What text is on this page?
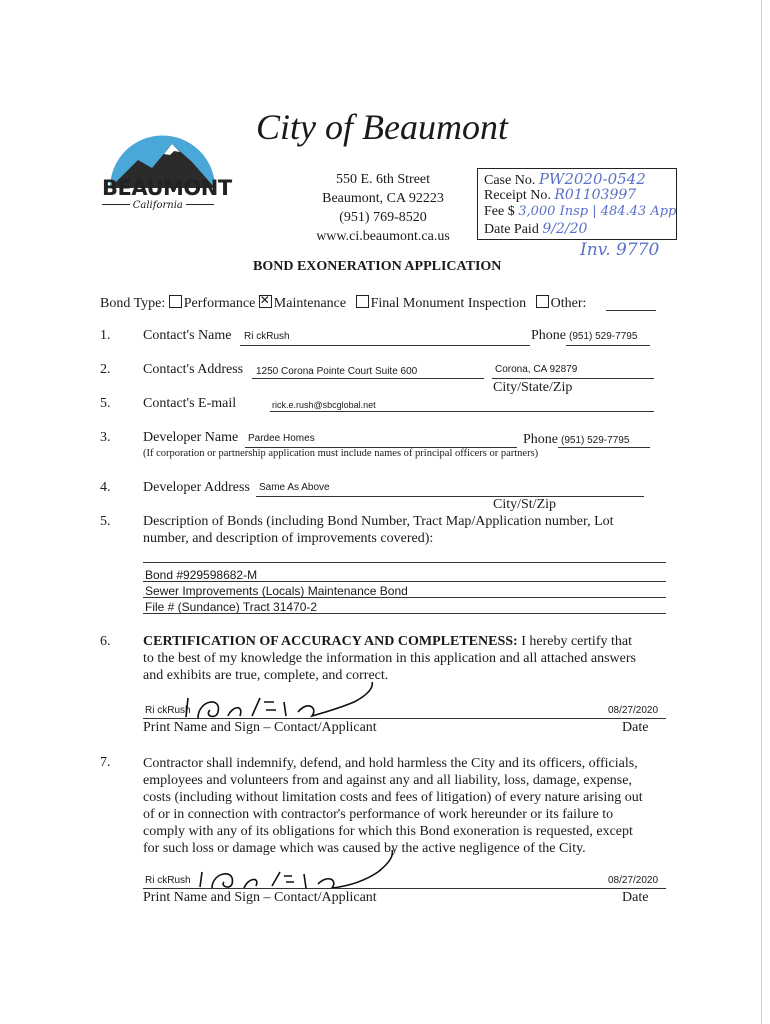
BEAUMONT
California
City of Beaumont
550 E. 6th Street
Beaumont, CA 92223
(951) 769-8520
www.ci.beaumont.ca.us
Case No. PW2020-0542
Receipt No. R01103997
Fee $ 3,000 Insp | 484.43 App
Date Paid 9/2/20
Inv. 9770
BOND EXONERATION APPLICATION
Bond Type: Performance ✕ Maintenance Final Monument Inspection Other:
1. Contact's Name Ri ckRush	Phone (951) 529-7795
2. Contact's Address 1250 Corona Pointe Court Suite 600	Corona, CA 92879
City/State/Zip
5. Contact's E-mail	rick.e.rush@sbcglobal.net
3. Developer Name Pardee Homes	Phone (951) 529-7795
(If corporation or partnership application must include names of principal officers or partners)
4. Developer Address Same As Above
City/St/Zip
5. Description of Bonds (including Bond Number, Tract Map/Application number, Lot
number, and description of improvements covered):
Bond #929598682-M
Sewer Improvements (Locals) Maintenance Bond
File # (Sundance) Tract 31470-2
6. CERTIFICATION OF ACCURACY AND COMPLETENESS: I hereby certify that
to the best of my knowledge the information in this application and all attached answers
and exhibits are true, complete, and correct.
Ri ckRush	08/27/2020
Print Name and Sign – Contact/Applicant	Date
7. Contractor shall indemnify, defend, and hold harmless the City and its officers, officials,
employees and volunteers from and against any and all liability, loss, damage, expense,
costs (including without limitation costs and fees of litigation) of every nature arising out
of or in connection with contractor's performance of work hereunder or its failure to
comply with any of its obligations for which this Bond exoneration is requested, except
for such loss or damage which was caused by the active negligence of the City.
Ri ckRush	08/27/2020
Print Name and Sign – Contact/Applicant	Date
